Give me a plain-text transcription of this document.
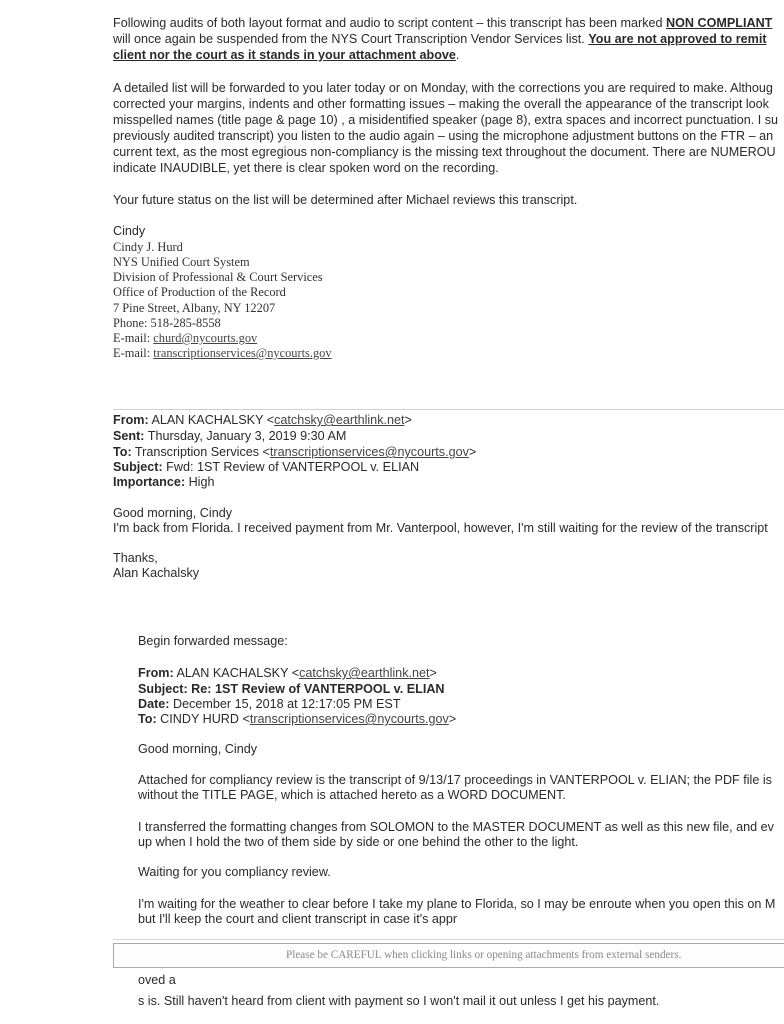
Following audits of both layout format and audio to script content – this transcript has been marked NON COMPLIANT
will once again be suspended from the NYS Court Transcription Vendor Services list. You are not approved to remit
client nor the court as it stands in your attachment above.
A detailed list will be forwarded to you later today or on Monday, with the corrections you are required to make. Althoug
corrected your margins, indents and other formatting issues – making the overall the appearance of the transcript look
misspelled names (title page & page 10) , a misidentified speaker (page 8), extra spaces and incorrect punctuation. I su
previously audited transcript) you listen to the audio again – using the microphone adjustment buttons on the FTR – an
current text, as the most egregious non-compliancy is the missing text throughout the document. There are NUMEROU
indicate INAUDIBLE, yet there is clear spoken word on the recording.
Your future status on the list will be determined after Michael reviews this transcript.
Cindy
Cindy J. Hurd
NYS Unified Court System
Division of Professional & Court Services
Office of Production of the Record
7 Pine Street, Albany, NY 12207
Phone: 518-285-8558
E-mail: churd@nycourts.gov
E-mail: transcriptionservices@nycourts.gov
From: ALAN KACHALSKY <catchsky@earthlink.net>
Sent: Thursday, January 3, 2019 9:30 AM
To: Transcription Services <transcriptionservices@nycourts.gov>
Subject: Fwd: 1ST Review of VANTERPOOL v. ELIAN
Importance: High
Good morning, Cindy
I'm back from Florida. I received payment from Mr. Vanterpool, however, I'm still waiting for the review of the transcript
Thanks,
Alan Kachalsky
Begin forwarded message:
From: ALAN KACHALSKY <catchsky@earthlink.net>
Subject: Re: 1ST Review of VANTERPOOL v. ELIAN
Date: December 15, 2018 at 12:17:05 PM EST
To: CINDY HURD <transcriptionservices@nycourts.gov>
Good morning, Cindy
Attached for compliancy review is the transcript of 9/13/17 proceedings in VANTERPOOL v. ELIAN; the PDF file is
without the TITLE PAGE, which is attached hereto as a WORD DOCUMENT.
I transferred the formatting changes from SOLOMON to the MASTER DOCUMENT as well as this new file, and ev
up when I hold the two of them side by side or one behind the other to the light.
Waiting for you compliancy review.
I'm waiting for the weather to clear before I take my plane to Florida, so I may be enroute when you open this on M
but I'll keep the court and client transcript in case it's appr
Please be CAREFUL when clicking links or opening attachments from external senders.
oved a
s is. Still haven't heard from client with payment so I won't mail it out unless I get his payment.
